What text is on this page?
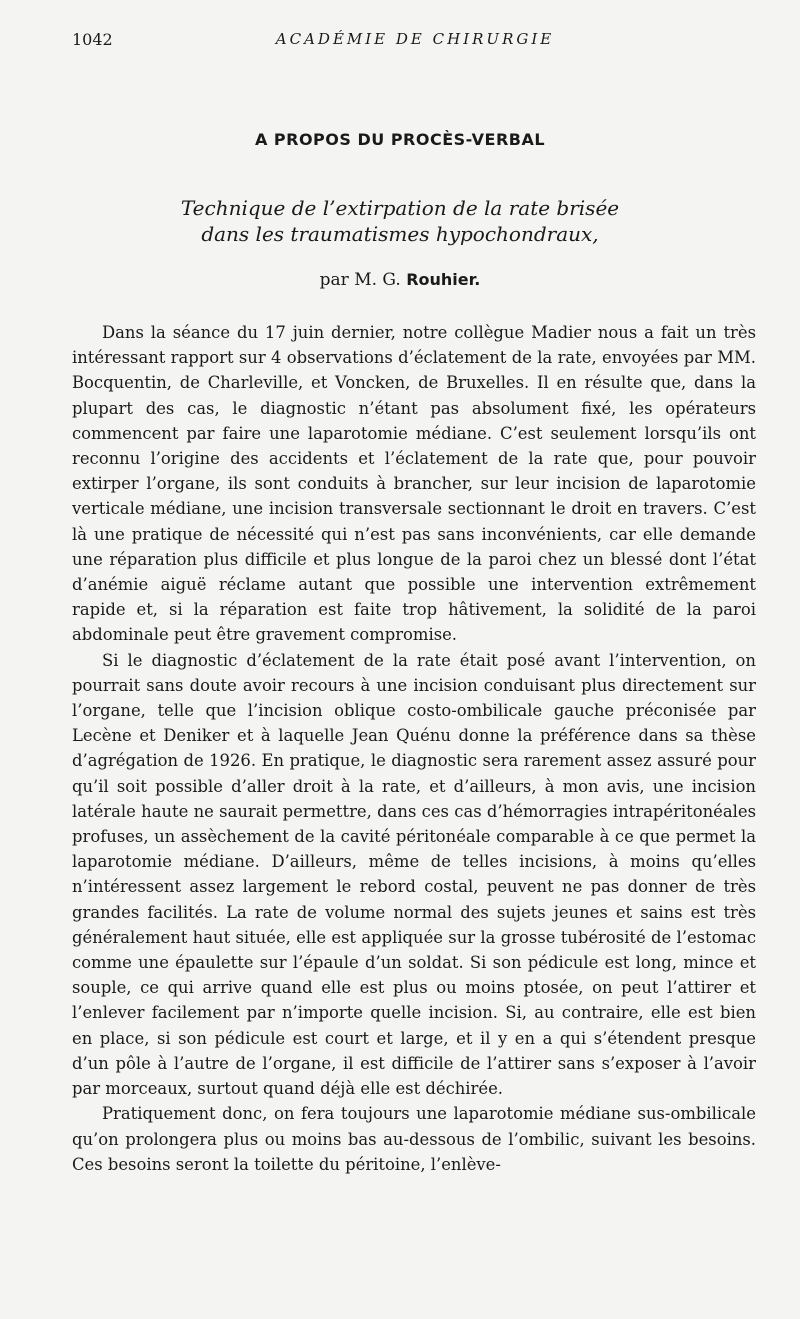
1042	ACADÉMIE DE CHIRURGIE
A PROPOS DU PROCÈS-VERBAL
Technique de l’extirpation de la rate brisée
dans les traumatismes hypochondraux,
par M. G. Rouhier.

Dans la séance du 17 juin dernier, notre collègue Madier nous a fait un très intéressant rapport sur 4 observations d’éclatement de la rate, envoyées par MM. Bocquentin, de Charleville, et Voncken, de Bruxelles. Il en résulte que, dans la plupart des cas, le diagnostic n’étant pas absolument fixé, les opérateurs commencent par faire une laparotomie médiane. C’est seulement lorsqu’ils ont reconnu l’origine des accidents et l’éclatement de la rate que, pour pouvoir extirper l’organe, ils sont conduits à brancher, sur leur incision de laparotomie verticale médiane, une incision transversale sectionnant le droit en travers. C’est là une pratique de nécessité qui n’est pas sans inconvénients, car elle demande une réparation plus difficile et plus longue de la paroi chez un blessé dont l’état d’anémie aiguë réclame autant que possible une intervention extrêmement rapide et, si la réparation est faite trop hâtivement, la solidité de la paroi abdominale peut être gravement compromise.

Si le diagnostic d’éclatement de la rate était posé avant l’intervention, on pourrait sans doute avoir recours à une incision conduisant plus directement sur l’organe, telle que l’incision oblique costo-ombilicale gauche préconisée par Lecène et Deniker et à laquelle Jean Quénu donne la préférence dans sa thèse d’agrégation de 1926. En pratique, le diagnostic sera rarement assez assuré pour qu’il soit possible d’aller droit à la rate, et d’ailleurs, à mon avis, une incision latérale haute ne saurait permettre, dans ces cas d’hémorragies intrapéritonéales profuses, un assèchement de la cavité péritonéale comparable à ce que permet la laparotomie médiane. D’ailleurs, même de telles incisions, à moins qu’elles n’intéressent assez largement le rebord costal, peuvent ne pas donner de très grandes facilités. La rate de volume normal des sujets jeunes et sains est très généralement haut située, elle est appliquée sur la grosse tubérosité de l’estomac comme une épaulette sur l’épaule d’un soldat. Si son pédicule est long, mince et souple, ce qui arrive quand elle est plus ou moins ptosée, on peut l’attirer et l’enlever facilement par n’importe quelle incision. Si, au contraire, elle est bien en place, si son pédicule est court et large, et il y en a qui s’étendent presque d’un pôle à l’autre de l’organe, il est difficile de l’attirer sans s’exposer à l’avoir par morceaux, surtout quand déjà elle est déchirée.

Pratiquement donc, on fera toujours une laparotomie médiane sus-ombilicale qu’on prolongera plus ou moins bas au-dessous de l’ombilic, suivant les besoins. Ces besoins seront la toilette du péritoine, l’enlève-
